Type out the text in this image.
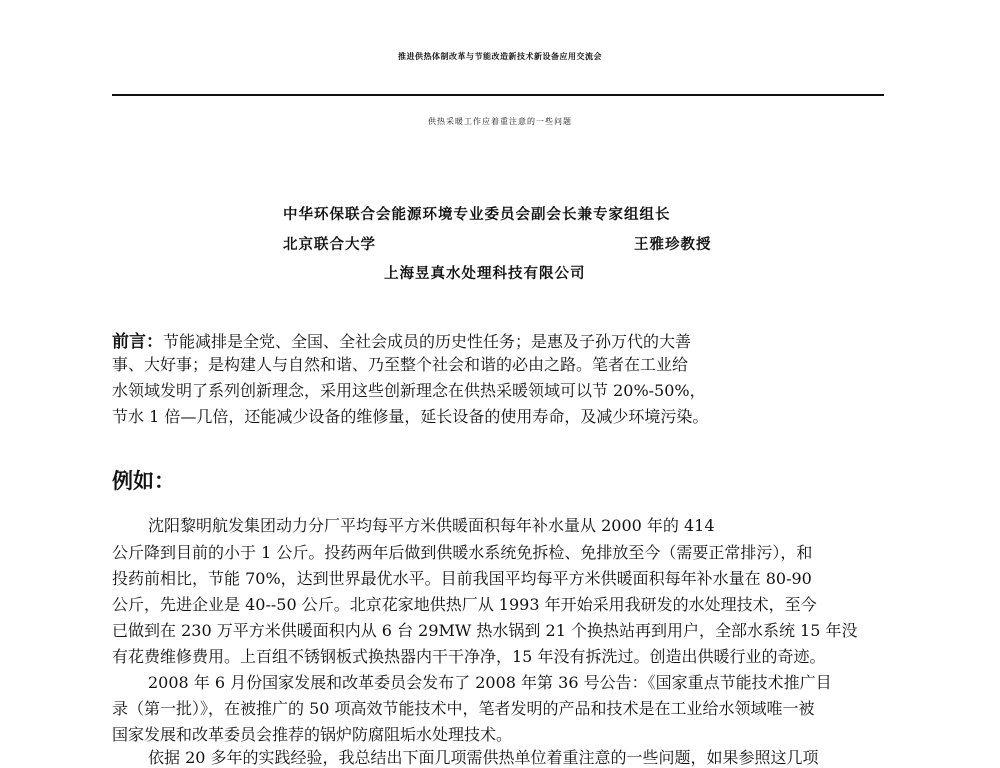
推进供热体制改革与节能改造新技术新设备应用交流会
供热采暖工作应着重注意的一些问题
中华环保联合会能源环境专业委员会副会长兼专家组组长
北京联合大学	王雅珍教授
上海昱真水处理科技有限公司
前言：节能减排是全党、全国、全社会成员的历史性任务；是惠及子孙万代的大善
事、大好事；是构建人与自然和谐、乃至整个社会和谐的必由之路。笔者在工业给
水领域发明了系列创新理念，采用这些创新理念在供热采暖领域可以节 20%-50%，
节水 1 倍—几倍，还能减少设备的维修量，延长设备的使用寿命，及减少环境污染。
例如：
沈阳黎明航发集团动力分厂平均每平方米供暖面积每年补水量从 2000 年的 414
公斤降到目前的小于 1 公斤。投药两年后做到供暖水系统免拆检、免排放至今（需要正常排污），和
投药前相比，节能 70%，达到世界最优水平。目前我国平均每平方米供暖面积每年补水量在 80-90
公斤，先进企业是 40--50 公斤。北京花家地供热厂从 1993 年开始采用我研发的水处理技术，至今
已做到在 230 万平方米供暖面积内从 6 台 29MW 热水锅到 21 个换热站再到用户，全部水系统 15 年没
有花费维修费用。上百组不锈钢板式换热器内干干净净，15 年没有拆洗过。创造出供暖行业的奇迹。
2008 年 6 月份国家发展和改革委员会发布了 2008 年第 36 号公告：《国家重点节能技术推广目
录（第一批）》，在被推广的 50 项高效节能技术中，笔者发明的产品和技术是在工业给水领域唯一被
国家发展和改革委员会推荐的锅炉防腐阻垢水处理技术。
依据 20 多年的实践经验，我总结出下面几项需供热单位着重注意的一些问题，如果参照这几项
